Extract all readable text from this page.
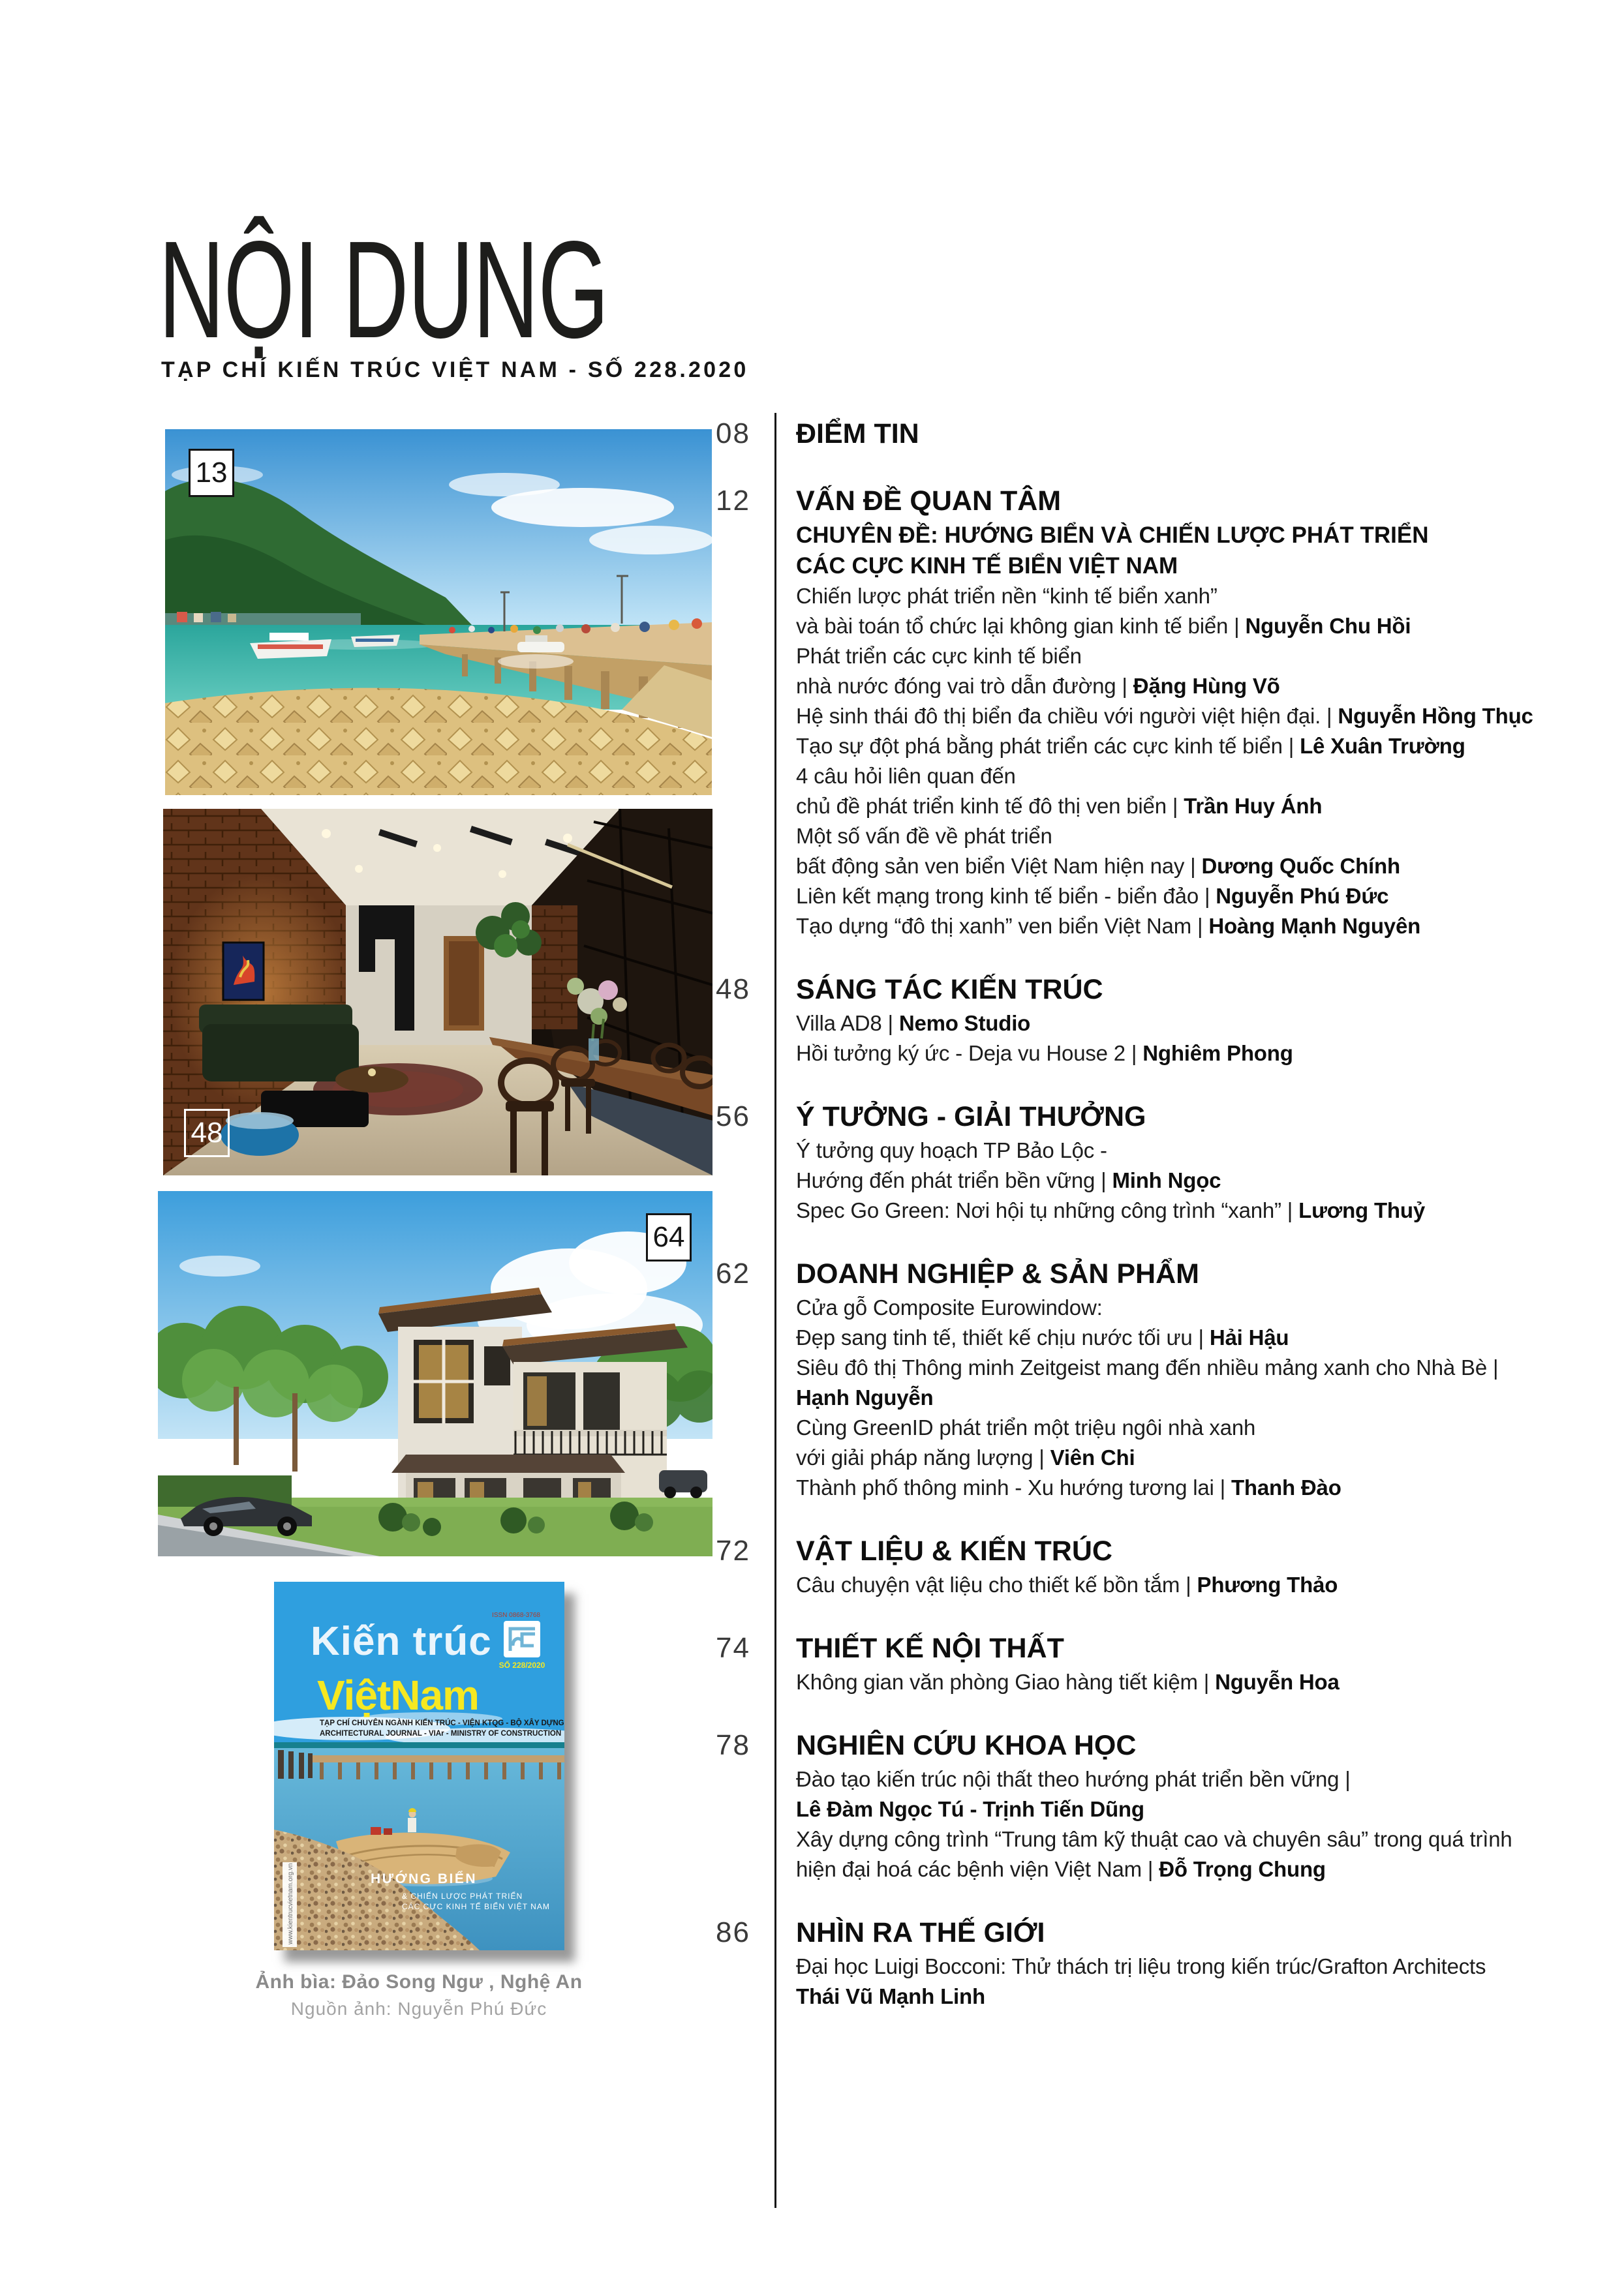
NỘI DUNG
TẠP CHÍ KIẾN TRÚC VIỆT NAM - SỐ 228.2020
13
48
64
Kiến trúc
ISSN 0868-3768
SỐ 228/2020
ViệtNam
TẠP CHÍ CHUYÊN NGÀNH KIẾN TRÚC - VIỆN KTQG - BỘ XÂY DỰNG
ARCHITECTURAL JOURNAL - VIAr - MINISTRY OF CONSTRUCTION
HƯỚNG BIỂN
& CHIẾN LƯỢC PHÁT TRIỂN
CÁC CỰC KINH TẾ BIỂN VIỆT NAM
www.kientrucvietnam.org.vn
Ảnh bìa: Đảo Song Ngư , Nghệ An
Nguồn ảnh: Nguyễn Phú Đức
08 ĐIỂM TIN
12 VẤN ĐỀ QUAN TÂM
CHUYÊN ĐỀ: HƯỚNG BIỂN VÀ CHIẾN LƯỢC PHÁT TRIỂN
CÁC CỰC KINH TẾ BIỂN VIỆT NAM
Chiến lược phát triển nền “kinh tế biển xanh”
và bài toán tổ chức lại không gian kinh tế biển | Nguyễn Chu Hồi
Phát triển các cực kinh tế biển
nhà nước đóng vai trò dẫn đường | Đặng Hùng Võ
Hệ sinh thái đô thị biển đa chiều với người việt hiện đại. | Nguyễn Hồng Thục
Tạo sự đột phá bằng phát triển các cực kinh tế biển | Lê Xuân Trường
4 câu hỏi liên quan đến
chủ đề phát triển kinh tế đô thị ven biển | Trần Huy Ánh
Một số vấn đề về phát triển
bất động sản ven biển Việt Nam hiện nay | Dương Quốc Chính
Liên kết mạng trong kinh tế biển - biển đảo | Nguyễn Phú Đức
Tạo dựng “đô thị xanh” ven biển Việt Nam | Hoàng Mạnh Nguyên
48 SÁNG TÁC KIẾN TRÚC
Villa AD8 | Nemo Studio
Hồi tưởng ký ức - Deja vu House 2 | Nghiêm Phong
56 Ý TƯỞNG - GIẢI THƯỞNG
Ý tưởng quy hoạch TP Bảo Lộc -
Hướng đến phát triển bền vững | Minh Ngọc
Spec Go Green: Nơi hội tụ những công trình “xanh” | Lương Thuỷ
62 DOANH NGHIỆP & SẢN PHẨM
Cửa gỗ Composite Eurowindow:
Đẹp sang tinh tế, thiết kế chịu nước tối ưu | Hải Hậu
Siêu đô thị Thông minh Zeitgeist mang đến nhiều mảng xanh cho Nhà Bè |
Hạnh Nguyễn
Cùng GreenID phát triển một triệu ngôi nhà xanh
với giải pháp năng lượng | Viên Chi
Thành phố thông minh - Xu hướng tương lai | Thanh Đào
72 VẬT LIỆU & KIẾN TRÚC
Câu chuyện vật liệu cho thiết kế bồn tắm | Phương Thảo
74 THIẾT KẾ NỘI THẤT
Không gian văn phòng Giao hàng tiết kiệm | Nguyễn Hoa
78 NGHIÊN CỨU KHOA HỌC
Đào tạo kiến trúc nội thất theo hướng phát triển bền vững |
Lê Đàm Ngọc Tú - Trịnh Tiến Dũng
Xây dựng công trình “Trung tâm kỹ thuật cao và chuyên sâu” trong quá trình
hiện đại hoá các bệnh viện Việt Nam | Đỗ Trọng Chung
86 NHÌN RA THẾ GIỚI
Đại học Luigi Bocconi: Thử thách trị liệu trong kiến trúc/Grafton Architects
Thái Vũ Mạnh Linh
